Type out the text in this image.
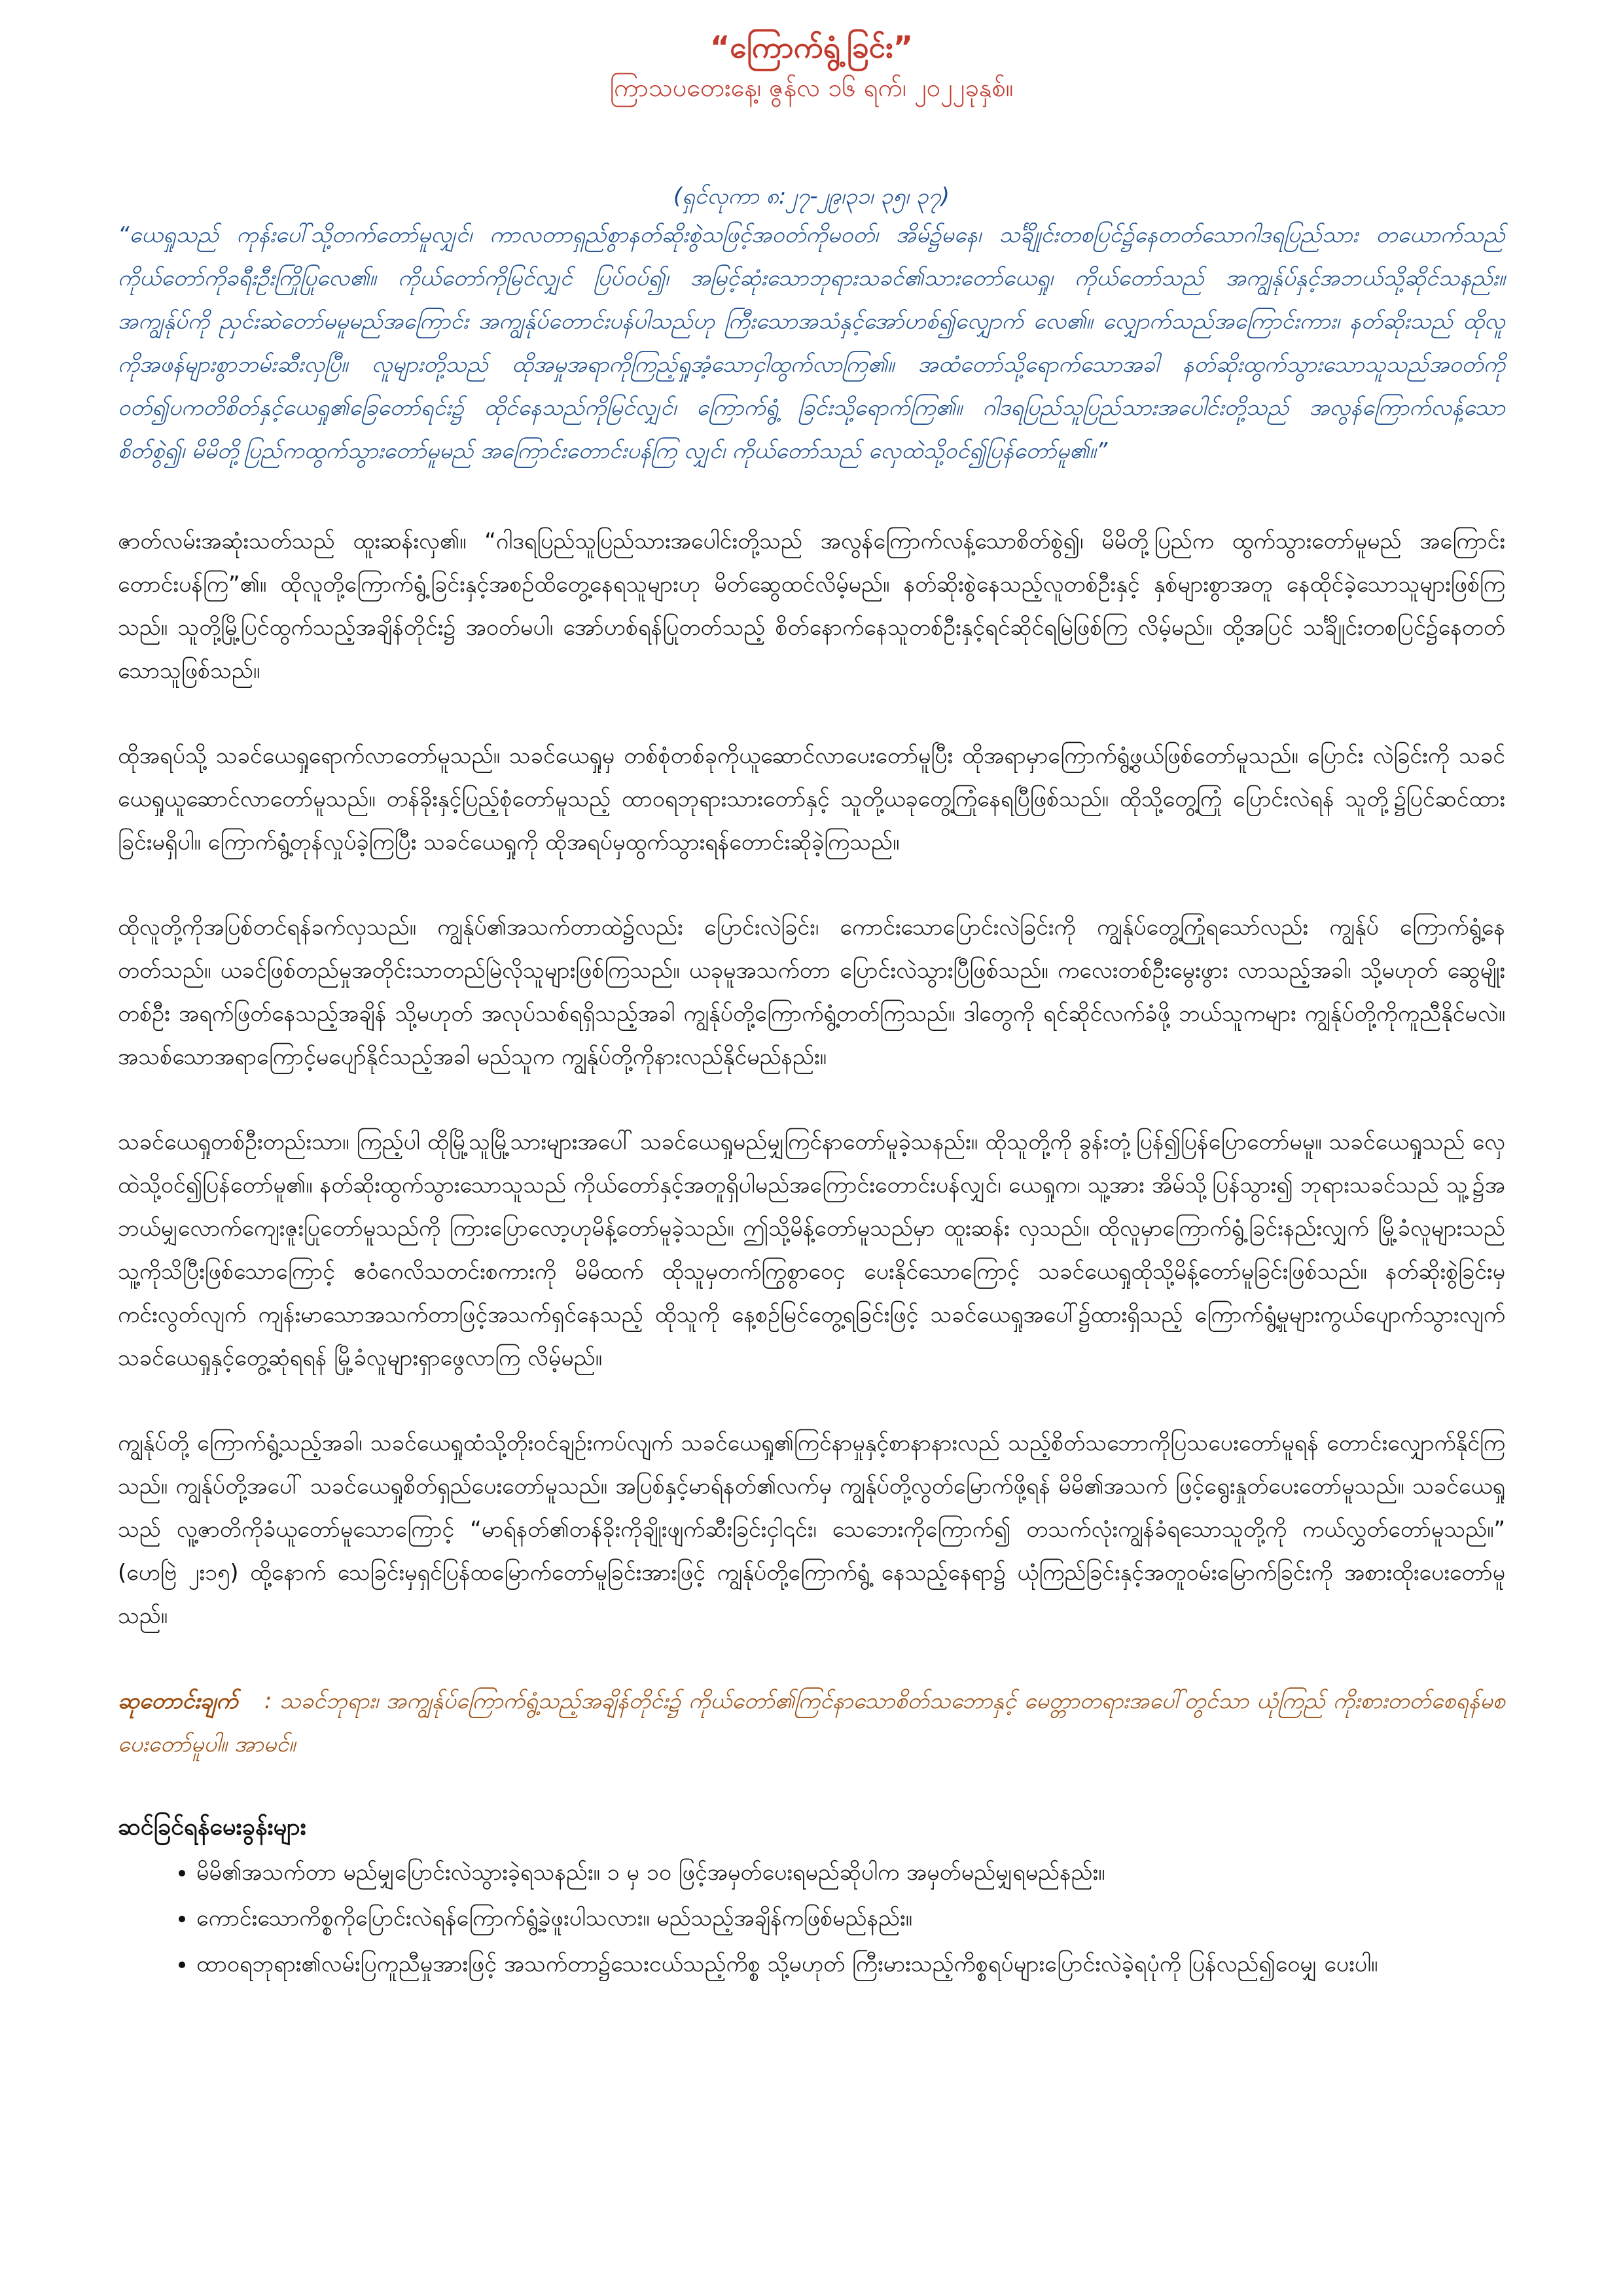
“ကြောက်ရွံ့ခြင်း”

ကြာသပတေးနေ့၊ ဇွန်လ ၁၆ ရက်၊ ၂၀၂၂ခုနှစ်။

(ရှင်လုကာ ၈:၂၇-၂၉၊၃၁၊ ၃၅၊ ၃၇)

“ယေရှုသည် ကုန်းပေါ်သို့တက်တော်မူလျှင်၊ ကာလတာရှည်စွာနတ်ဆိုးစွဲသဖြင့်အဝတ်ကိုမဝတ်၊ အိမ်၌မနေ၊ သင်္ချိုင်းတစပြင်၌နေတတ်သောဂါဒရပြည်သား တယောက်သည် ကိုယ်တော်ကိုခရီးဦးကြိုပြုလေ၏။ ကိုယ်တော်ကိုမြင်လျှင် ပြပ်ဝပ်၍၊ အမြင့်ဆုံးသောဘုရားသခင်၏သားတော်ယေရှု၊ ကိုယ်တော်သည် အကျွန်ုပ်နှင့်အဘယ်သို့ဆိုင်သနည်း။ အကျွန်ုပ်ကို ညှင်းဆဲတော်မမူမည်အကြောင်း အကျွန်ုပ်တောင်းပန်ပါသည်ဟု ကြီးသောအသံနှင့်အော်ဟစ်၍လျှောက် လေ၏။ လျှောက်သည်အကြောင်းကား၊ နတ်ဆိုးသည် ထိုလူကိုအဖန်များစွာဘမ်းဆီးလှပြီ။ လူများတို့သည် ထိုအမှုအရာကိုကြည့်ရှုအံ့သောငှါထွက်လာကြ၏။ အထံတော်သို့ရောက်သောအခါ နတ်ဆိုးထွက်သွားသောသူသည်အဝတ်ကို ဝတ်၍ပကတိစိတ်နှင့်ယေရှု၏ခြေတော်ရင်း၌ ထိုင်နေသည်ကိုမြင်လျှင်၊ ကြောက်ရွံ့ ခြင်းသို့ရောက်ကြ၏။ ဂါဒရပြည်သူပြည်သားအပေါင်းတို့သည် အလွန်ကြောက်လန့်သောစိတ်စွဲ၍၊ မိမိတို့ပြည်ကထွက်သွားတော်မူမည် အကြောင်းတောင်းပန်ကြ လျှင်၊ ကိုယ်တော်သည် လှေထဲသို့ဝင်၍ပြန်တော်မူ၏။”

ဇာတ်လမ်းအဆုံးသတ်သည် ထူးဆန်းလှ၏။ “ဂါဒရပြည်သူပြည်သားအပေါင်းတို့သည် အလွန်ကြောက်လန့်သောစိတ်စွဲ၍၊ မိမိတို့ပြည်က ထွက်သွားတော်မူမည် အကြောင်းတောင်းပန်ကြ”၏။ ထိုလူတို့ကြောက်ရွံ့ခြင်းနှင့်အစဉ်ထိတွေ့နေရသူများဟု မိတ်ဆွေထင်လိမ့်မည်။ နတ်ဆိုးစွဲနေသည့်လူတစ်ဦးနှင့် နှစ်များစွာအတူ နေထိုင်ခဲ့သောသူများဖြစ်ကြသည်။ သူတို့မြို့ပြင်ထွက်သည့်အချိန်တိုင်း၌ အဝတ်မပါ၊ အော်ဟစ်ရန်ပြုတတ်သည့် စိတ်နောက်နေသူတစ်ဦးနှင့်ရင်ဆိုင်ရမြဲဖြစ်ကြ လိမ့်မည်။ ထို့အပြင် သင်္ချိုင်းတစပြင်၌နေတတ်သောသူဖြစ်သည်။

ထိုအရပ်သို့ သခင်ယေရှုရောက်လာတော်မူသည်။ သခင်ယေရှုမှ တစ်စုံတစ်ခုကိုယူဆောင်လာပေးတော်မူပြီး ထိုအရာမှာကြောက်ရွံ့ဖွယ်ဖြစ်တော်မူသည်။ ပြောင်း လဲခြင်းကို သခင်ယေရှုယူဆောင်လာတော်မူသည်။ တန်ခိုးနှင့်ပြည့်စုံတော်မူသည့် ထာဝရဘုရားသားတော်နှင့် သူတို့ယခုတွေ့ကြုံနေရပြီဖြစ်သည်။ ထိုသို့တွေ့ကြုံ ပြောင်းလဲရန် သူတို့၌ပြင်ဆင်ထားခြင်းမရှိပါ။ ကြောက်ရွံ့တုန်လှုပ်ခဲ့ကြပြီး သခင်ယေရှုကို ထိုအရပ်မှထွက်သွားရန်တောင်းဆိုခဲ့ကြသည်။

ထိုလူတို့ကိုအပြစ်တင်ရန်ခက်လှသည်။ ကျွန်ုပ်၏အသက်တာထဲ၌လည်း ပြောင်းလဲခြင်း၊ ကောင်းသောပြောင်းလဲခြင်းကို ကျွန်ုပ်တွေ့ကြုံရသော်လည်း ကျွန်ုပ် ကြောက်ရွံ့နေတတ်သည်။ ယခင်ဖြစ်တည်မှုအတိုင်းသာတည်မြဲလိုသူများဖြစ်ကြသည်။ ယခုမူအသက်တာ ပြောင်းလဲသွားပြီဖြစ်သည်။ ကလေးတစ်ဦးမွေးဖွား လာသည့်အခါ၊ သို့မဟုတ် ဆွေမျိုးတစ်ဦး အရက်ဖြတ်နေသည့်အချိန် သို့မဟုတ် အလုပ်သစ်ရရှိသည့်အခါ ကျွန်ုပ်တို့ကြောက်ရွံ့တတ်ကြသည်။ ဒါတွေကို ရင်ဆိုင်လက်ခံဖို့ ဘယ်သူကများ ကျွန်ုပ်တို့ကိုကူညီနိုင်မလဲ။ အသစ်သောအရာကြောင့်မပျော်နိုင်သည့်အခါ မည်သူက ကျွန်ုပ်တို့ကိုနားလည်နိုင်မည်နည်း။

သခင်ယေရှုတစ်ဦးတည်းသာ။ ကြည့်ပါ ထိုမြို့သူမြို့သားများအပေါ် သခင်ယေရှုမည်မျှကြင်နာတော်မူခဲ့သနည်း။ ထိုသူတို့ကို ခွန်းတုံ့ပြန်၍ပြန်ပြောတော်မမူ။ သခင်ယေရှုသည် လှေထဲသို့ဝင်၍ပြန်တော်မူ၏။ နတ်ဆိုးထွက်သွားသောသူသည် ကိုယ်တော်နှင့်အတူရှိပါမည်အကြောင်းတောင်းပန်လျှင်၊ ယေရှုက၊ သူ့အား အိမ်သို့ပြန်သွား၍ ဘုရားသခင်သည် သူ့၌အဘယ်မျှလောက်ကျေးဇူးပြုတော်မူသည်ကို ကြားပြောလော့ဟုမိန့်တော်မူခဲ့သည်။ ဤသို့မိန့်တော်မူသည်မှာ ထူးဆန်း လှသည်။ ထိုလူမှာကြောက်ရွံ့ခြင်းနည်းလျှက် မြို့ခံလူများသည် သူ့ကိုသိပြီးဖြစ်သောကြောင့် ဧဝံဂေလိသတင်းစကားကို မိမိထက် ထိုသူမှတက်ကြွစွာဝေငှ ပေးနိုင်သောကြောင့် သခင်ယေရှုထိုသို့မိန့်တော်မူခြင်းဖြစ်သည်။ နတ်ဆိုးစွဲခြင်းမှကင်းလွတ်လျက် ကျန်းမာသောအသက်တာဖြင့်အသက်ရှင်နေသည့် ထိုသူကို နေ့စဉ်မြင်တွေ့ရခြင်းဖြင့် သခင်ယေရှုအပေါ်၌ထားရှိသည့် ကြောက်ရွံ့မှုများကွယ်ပျောက်သွားလျက် သခင်ယေရှုနှင့်တွေ့ဆုံရရန် မြို့ခံလူများရှာဖွေလာကြ လိမ့်မည်။

ကျွန်ုပ်တို့ ကြောက်ရွံ့သည့်အခါ၊ သခင်ယေရှုထံသို့တိုးဝင်ချဉ်းကပ်လျက် သခင်ယေရှု၏ကြင်နာမှုနှင့်စာနာနားလည် သည့်စိတ်သဘောကိုပြသပေးတော်မူရန် တောင်းလျှောက်နိုင်ကြသည်။ ကျွန်ုပ်တို့အပေါ် သခင်ယေရှုစိတ်ရှည်ပေးတော်မူသည်။ အပြစ်နှင့်မာရ်နတ်၏လက်မှ ကျွန်ုပ်တို့လွတ်မြောက်ဖို့ရန် မိမိ၏အသက် ဖြင့်ရွေးနှုတ်ပေးတော်မူသည်။ သခင်ယေရှုသည် လူ့ဇာတိကိုခံယူတော်မူသောကြောင့် “မာရ်နတ်၏တန်ခိုးကိုချိုးဖျက်ဆီးခြင်းငှါ၎င်း၊ သေဘေးကိုကြောက်၍ တသက်လုံးကျွန်ခံရသောသူတို့ကို ကယ်လွှတ်တော်မူသည်။” (ဟေဗြဲ ၂း၁၅) ထို့နောက် သေခြင်းမှရှင်ပြန်ထမြောက်တော်မူခြင်းအားဖြင့် ကျွန်ုပ်တို့ကြောက်ရွံ့ နေသည့်နေရာ၌ ယုံကြည်ခြင်းနှင့်အတူဝမ်းမြောက်ခြင်းကို အစားထိုးပေးတော်မူသည်။

ဆုတောင်းချက် : သခင်ဘုရား၊ အကျွန်ုပ်ကြောက်ရွံ့သည့်အချိန်တိုင်း၌ ကိုယ်တော်၏ကြင်နာသောစိတ်သဘောနှင့် မေတ္တာတရားအပေါ်တွင်သာ ယုံကြည် ကိုးစားတတ်စေရန်မစပေးတော်မူပါ။ အာမင်။

ဆင်ခြင်ရန်မေးခွန်းများ

• မိမိ၏အသက်တာ မည်မျှပြောင်းလဲသွားခဲ့ရသနည်း။ ၁ မှ ၁၀ ဖြင့်အမှတ်ပေးရမည်ဆိုပါက အမှတ်မည်မျှရမည်နည်း။
• ကောင်းသောကိစ္စကိုပြောင်းလဲရန်ကြောက်ရွံ့ခဲ့ဖူးပါသလား။ မည်သည့်အချိန်ကဖြစ်မည်နည်း။
• ထာဝရဘုရား၏လမ်းပြကူညီမှုအားဖြင့် အသက်တာ၌သေးငယ်သည့်ကိစ္စ သို့မဟုတ် ကြီးမားသည့်ကိစ္စရပ်များပြောင်းလဲခဲ့ရပုံကို ပြန်လည်၍ဝေမျှ ပေးပါ။
